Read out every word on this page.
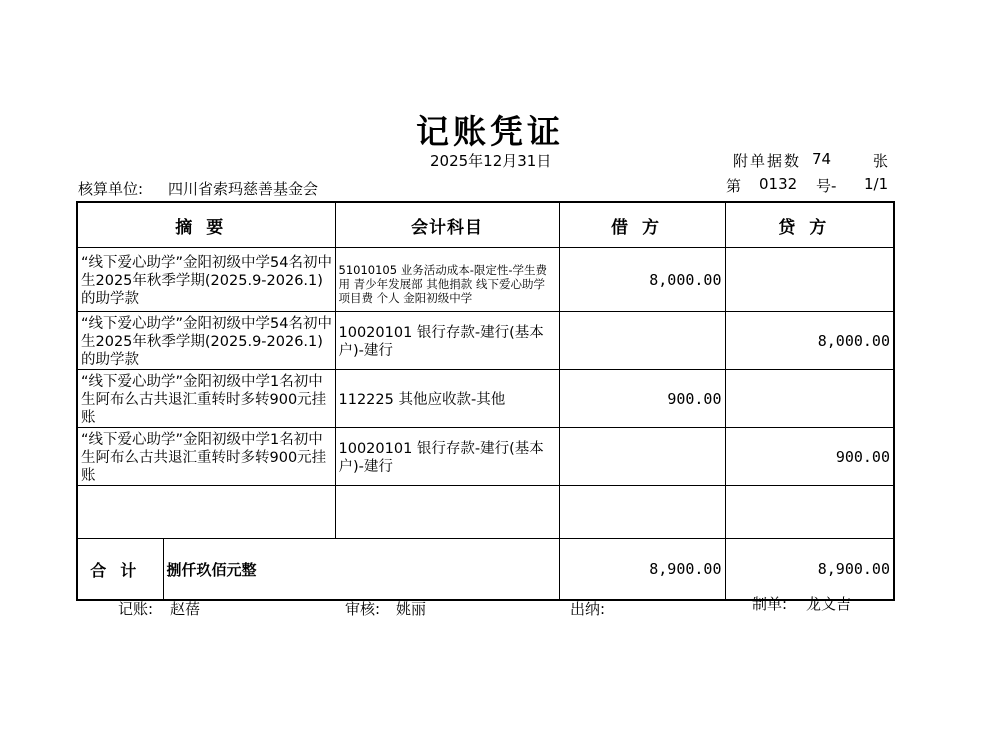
记账凭证
2025年12月31日	附单据数 74	张
核算单位: 四川省索玛慈善基金会	第 0132 号- 1/1
摘要		会计科目	借方	贷方
“线下爱心助学”金阳初级中学54名初中生2025年秋季学期(2025.9-2026.1)的助学款		51010105 业务活动成本-限定性-学生费用 青少年发展部 其他捐款 线下爱心助学 项目费 个人 金阳初级中学	8,000.00	
“线下爱心助学”金阳初级中学54名初中生2025年秋季学期(2025.9-2026.1)的助学款		10020101 银行存款-建行(基本户)-建行		8,000.00
“线下爱心助学”金阳初级中学1名初中生阿布么古共退汇重转时多转900元挂账		112225 其他应收款-其他	900.00	
“线下爱心助学”金阳初级中学1名初中生阿布么古共退汇重转时多转900元挂账		10020101 银行存款-建行(基本户)-建行		900.00

合计	捌仟玖佰元整		8,900.00	8,900.00
记账: 赵蓓	审核: 姚丽	出纳:	制单: 龙文吉
